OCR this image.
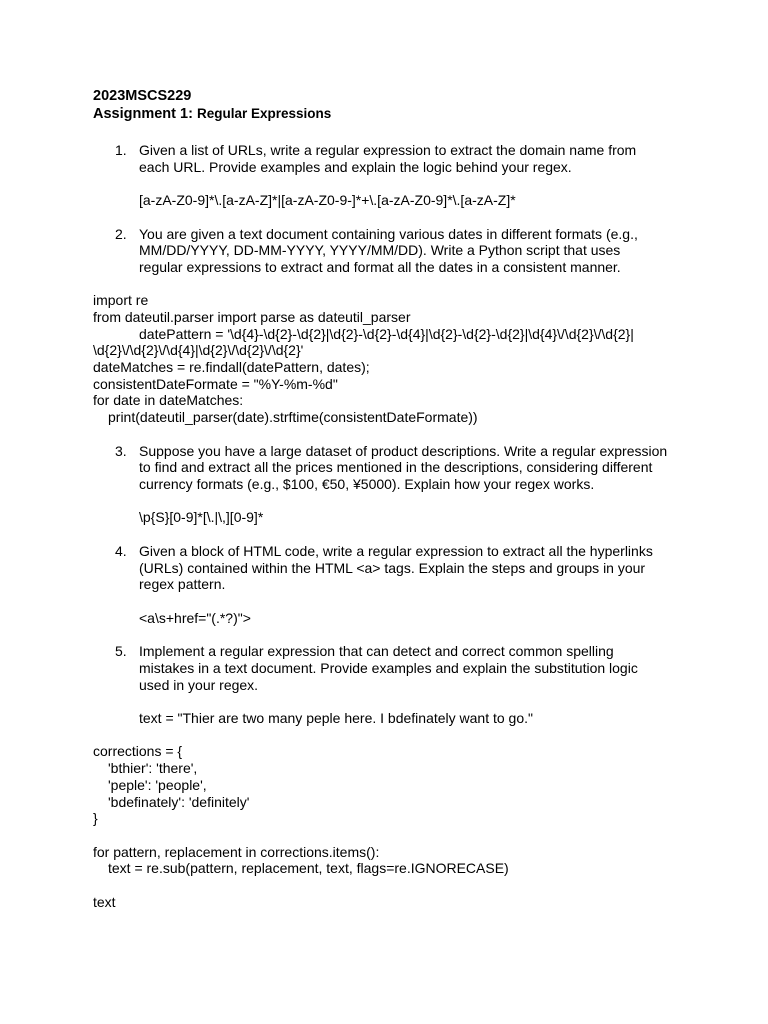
2023MSCS229
Assignment 1: Regular Expressions
1. Given a list of URLs, write a regular expression to extract the domain name from
each URL. Provide examples and explain the logic behind your regex.
[a-zA-Z0-9]*\.[a-zA-Z]*|[a-zA-Z0-9-]*+\.[a-zA-Z0-9]*\.[a-zA-Z]*
2. You are given a text document containing various dates in different formats (e.g.,
MM/DD/YYYY, DD-MM-YYYY, YYYY/MM/DD). Write a Python script that uses
regular expressions to extract and format all the dates in a consistent manner.
import re
from dateutil.parser import parse as dateutil_parser
datePattern = '\d{4}-\d{2}-\d{2}|\d{2}-\d{2}-\d{4}|\d{2}-\d{2}-\d{2}|\d{4}\/\d{2}\/\d{2}|
\d{2}\/\d{2}\/\d{4}|\d{2}\/\d{2}\/\d{2}'
dateMatches = re.findall(datePattern, dates);
consistentDateFormate = "%Y-%m-%d"
for date in dateMatches:
print(dateutil_parser(date).strftime(consistentDateFormate))
3. Suppose you have a large dataset of product descriptions. Write a regular expression
to find and extract all the prices mentioned in the descriptions, considering different
currency formats (e.g., $100, €50, ¥5000). Explain how your regex works.
\p{S}[0-9]*[\.|\,][0-9]*
4. Given a block of HTML code, write a regular expression to extract all the hyperlinks
(URLs) contained within the HTML <a> tags. Explain the steps and groups in your
regex pattern.
<a\s+href="(.*?)">
5. Implement a regular expression that can detect and correct common spelling
mistakes in a text document. Provide examples and explain the substitution logic
used in your regex.
text = "Thier are two many peple here. I bdefinately want to go."
corrections = {
'bthier': 'there',
'peple': 'people',
'bdefinately': 'definitely'
}
for pattern, replacement in corrections.items():
text = re.sub(pattern, replacement, text, flags=re.IGNORECASE)
text
